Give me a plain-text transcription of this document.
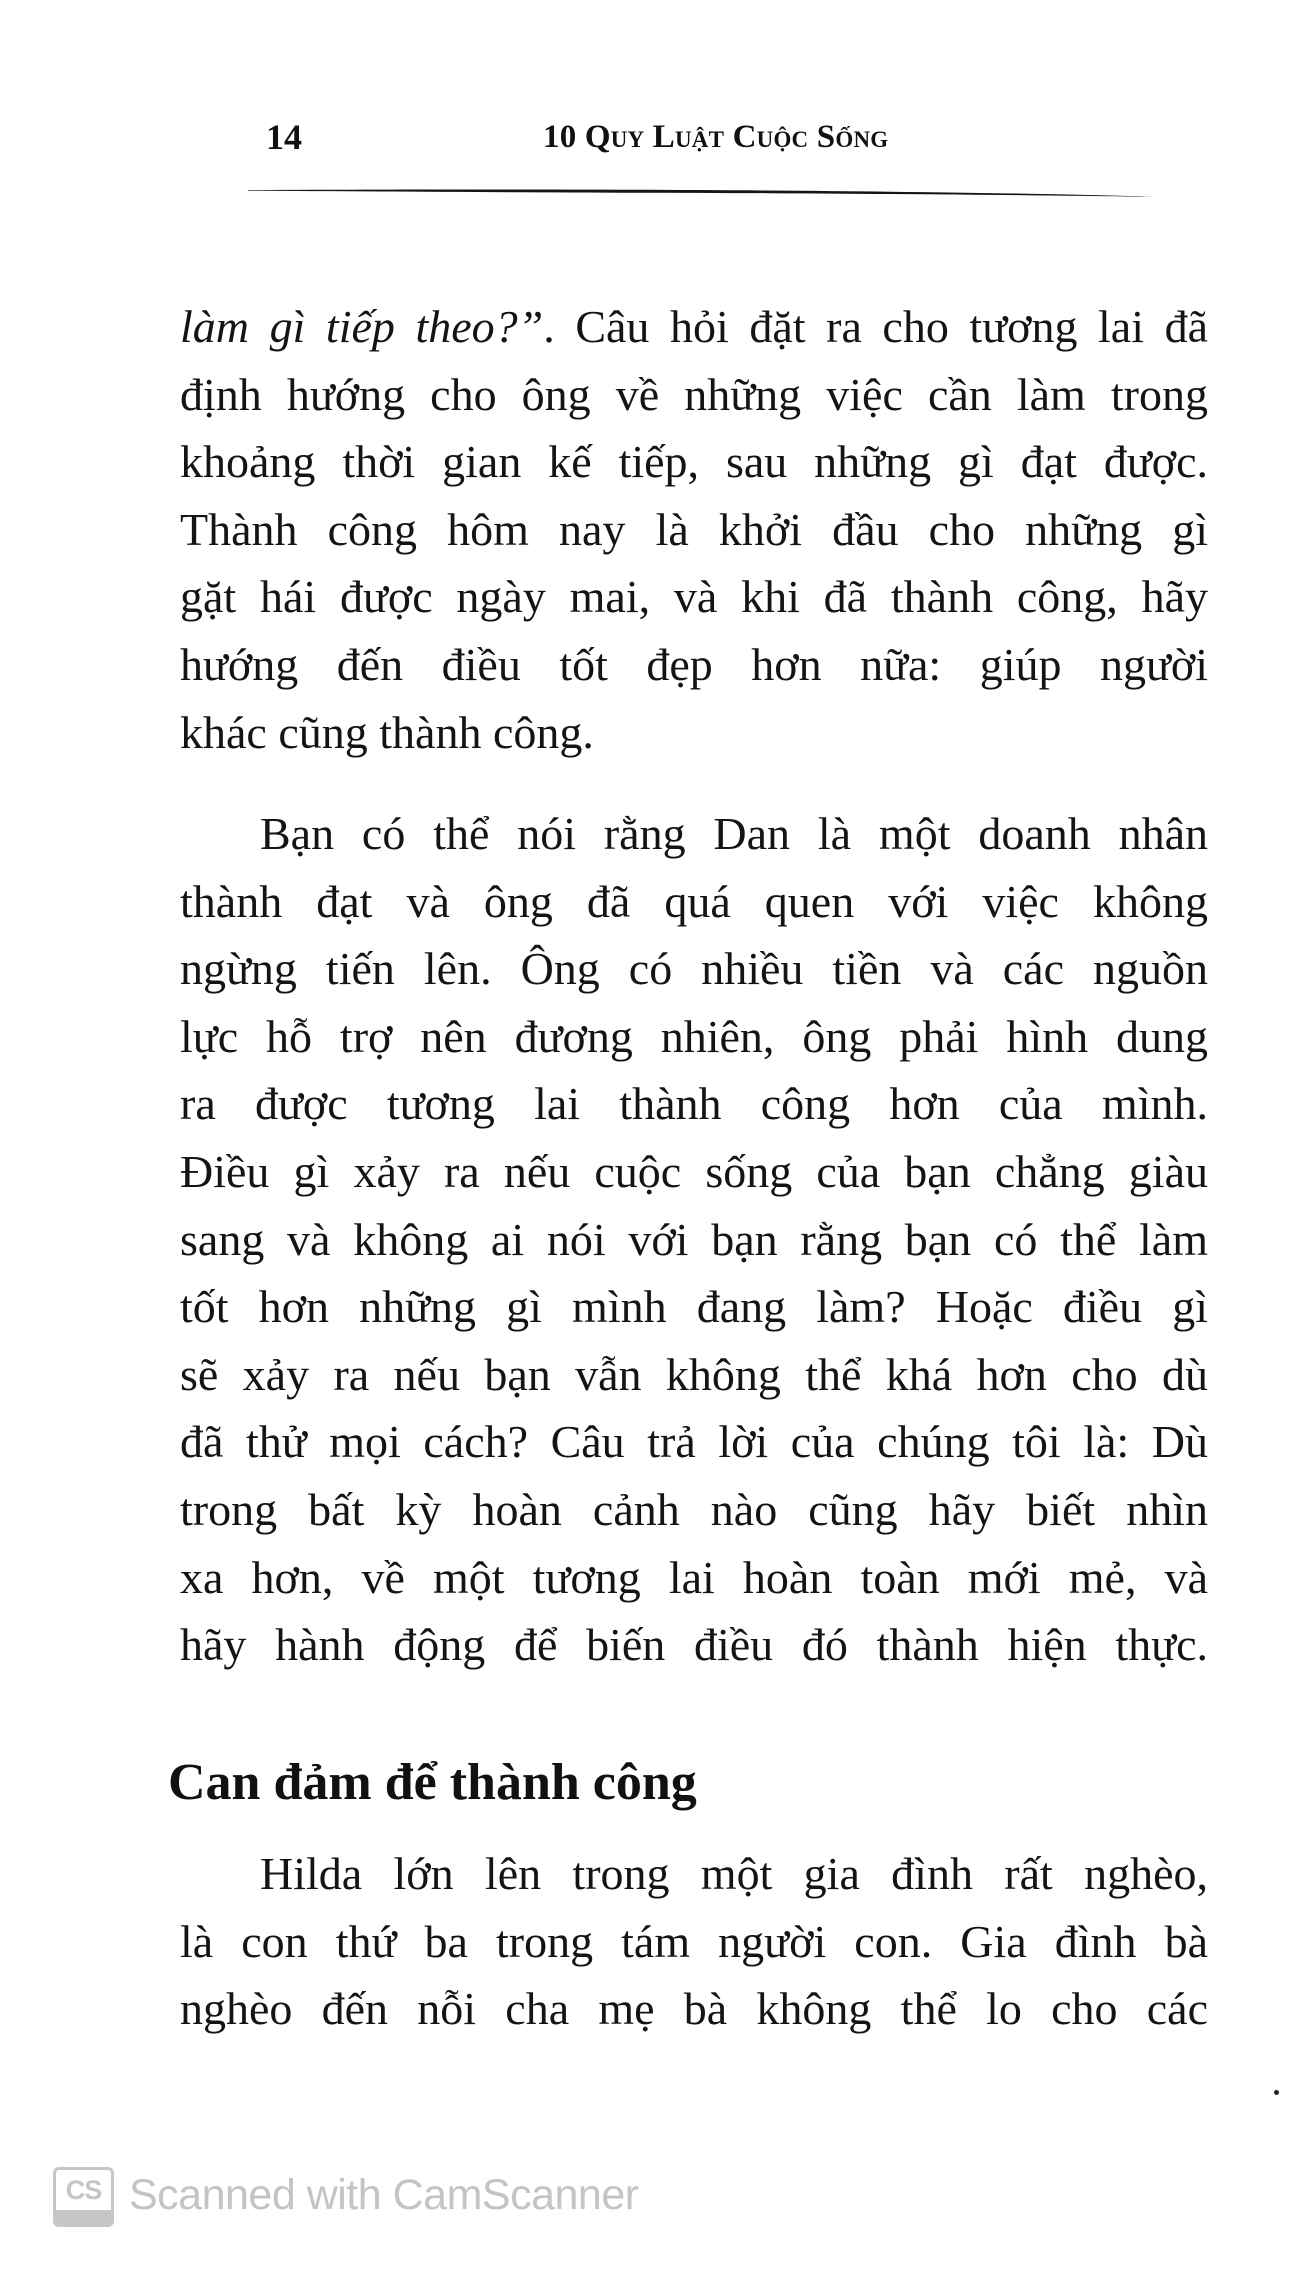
14	10 Quy Luật Cuộc Sống
làm gì tiếp theo?”. Câu hỏi đặt ra cho tương lai đã
định hướng cho ông về những việc cần làm trong
khoảng thời gian kế tiếp, sau những gì đạt được.
Thành công hôm nay là khởi đầu cho những gì
gặt hái được ngày mai, và khi đã thành công, hãy
hướng đến điều tốt đẹp hơn nữa: giúp người
khác cũng thành công.
Bạn có thể nói rằng Dan là một doanh nhân
thành đạt và ông đã quá quen với việc không
ngừng tiến lên. Ông có nhiều tiền và các nguồn
lực hỗ trợ nên đương nhiên, ông phải hình dung
ra được tương lai thành công hơn của mình.
Điều gì xảy ra nếu cuộc sống của bạn chẳng giàu
sang và không ai nói với bạn rằng bạn có thể làm
tốt hơn những gì mình đang làm? Hoặc điều gì
sẽ xảy ra nếu bạn vẫn không thể khá hơn cho dù
đã thử mọi cách? Câu trả lời của chúng tôi là: Dù
trong bất kỳ hoàn cảnh nào cũng hãy biết nhìn
xa hơn, về một tương lai hoàn toàn mới mẻ, và
hãy hành động để biến điều đó thành hiện thực.
Can đảm để thành công
Hilda lớn lên trong một gia đình rất nghèo,
là con thứ ba trong tám người con. Gia đình bà
nghèo đến nỗi cha mẹ bà không thể lo cho các
CS Scanned with CamScanner
